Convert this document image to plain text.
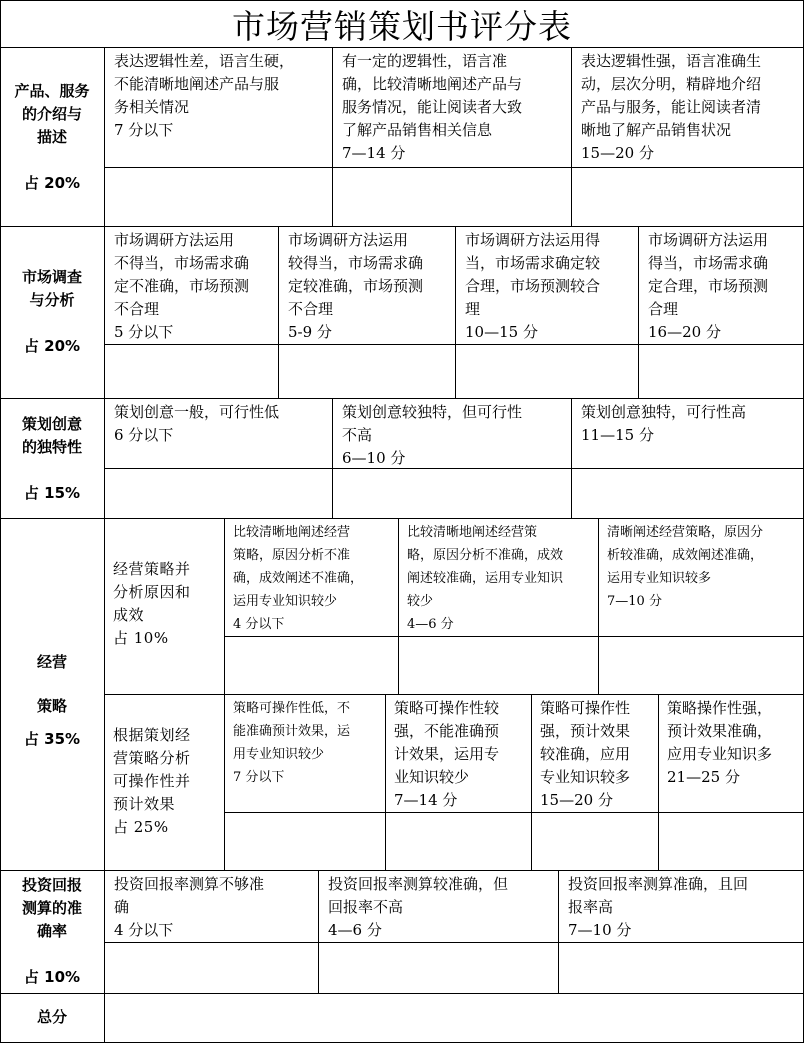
市场营销策划书评分表
产品、服务
的介绍与
描述
占 20%
表达逻辑性差，语言生硬，
不能清晰地阐述产品与服
务相关情况
7 分以下
有一定的逻辑性，语言准
确，比较清晰地阐述产品与
服务情况，能让阅读者大致
了解产品销售相关信息
7—14 分
表达逻辑性强，语言准确生
动，层次分明，精辟地介绍
产品与服务，能让阅读者清
晰地了解产品销售状况
15—20 分
市场调查
与分析
占 20%
市场调研方法运用
不得当，市场需求确
定不准确，市场预测
不合理
5 分以下
市场调研方法运用
较得当，市场需求确
定较准确，市场预测
不合理
5-9 分
市场调研方法运用得
当，市场需求确定较
合理，市场预测较合
理
10—15 分
市场调研方法运用
得当，市场需求确
定合理，市场预测
合理
16—20 分
策划创意
的独特性
占 15%
策划创意一般，可行性低
6 分以下
策划创意较独特，但可行性
不高
6—10 分
策划创意独特，可行性高
11—15 分
经营
策略
占 35%
经营策略并
分析原因和
成效
占 10%
比较清晰地阐述经营
策略，原因分析不准
确，成效阐述不准确，
运用专业知识较少
4 分以下
比较清晰地阐述经营策
略，原因分析不准确，成效
阐述较准确，运用专业知识
较少
4—6 分
清晰阐述经营策略，原因分
析较准确，成效阐述准确，
运用专业知识较多
7—10 分
根据策划经
营策略分析
可操作性并
预计效果
占 25%
策略可操作性低，不
能准确预计效果，运
用专业知识较少
7 分以下
策略可操作性较
强，不能准确预
计效果，运用专
业知识较少
7—14 分
策略可操作性
强，预计效果
较准确，应用
专业知识较多
15—20 分
策略操作性强，
预计效果准确，
应用专业知识多
21—25 分
投资回报
测算的准
确率
占 10%
投资回报率测算不够准
确
4 分以下
投资回报率测算较准确，但
回报率不高
4—6 分
投资回报率测算准确，且回
报率高
7—10 分
总分
